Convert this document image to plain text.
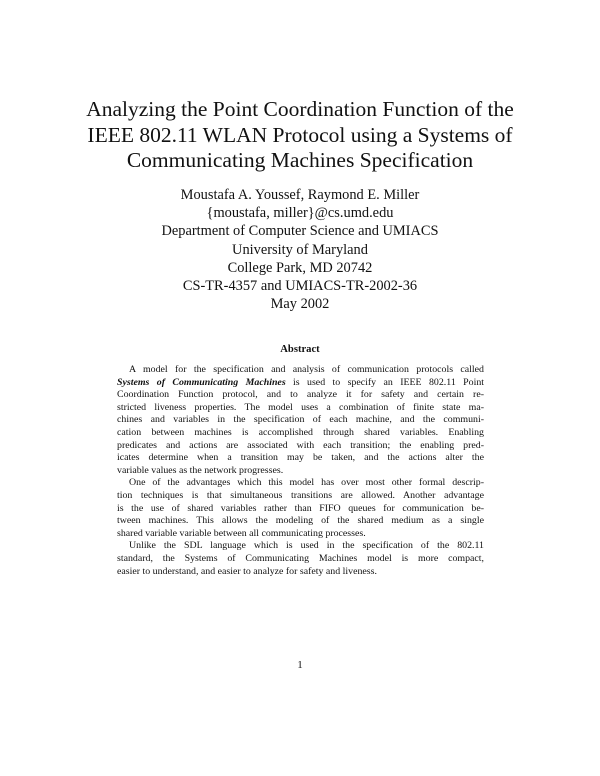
Analyzing the Point Coordination Function of the
IEEE 802.11 WLAN Protocol using a Systems of
Communicating Machines Specification
Moustafa A. Youssef, Raymond E. Miller
{moustafa, miller}@cs.umd.edu
Department of Computer Science and UMIACS
University of Maryland
College Park, MD 20742
CS-TR-4357 and UMIACS-TR-2002-36
May 2002
Abstract
A model for the specification and analysis of communication protocols called
Systems of Communicating Machines is used to specify an IEEE 802.11 Point
Coordination Function protocol, and to analyze it for safety and certain re-
stricted liveness properties. The model uses a combination of finite state ma-
chines and variables in the specification of each machine, and the communi-
cation between machines is accomplished through shared variables. Enabling
predicates and actions are associated with each transition; the enabling pred-
icates determine when a transition may be taken, and the actions alter the
variable values as the network progresses.
One of the advantages which this model has over most other formal descrip-
tion techniques is that simultaneous transitions are allowed. Another advantage
is the use of shared variables rather than FIFO queues for communication be-
tween machines. This allows the modeling of the shared medium as a single
shared variable variable between all communicating processes.
Unlike the SDL language which is used in the specification of the 802.11
standard, the Systems of Communicating Machines model is more compact,
easier to understand, and easier to analyze for safety and liveness.
1
